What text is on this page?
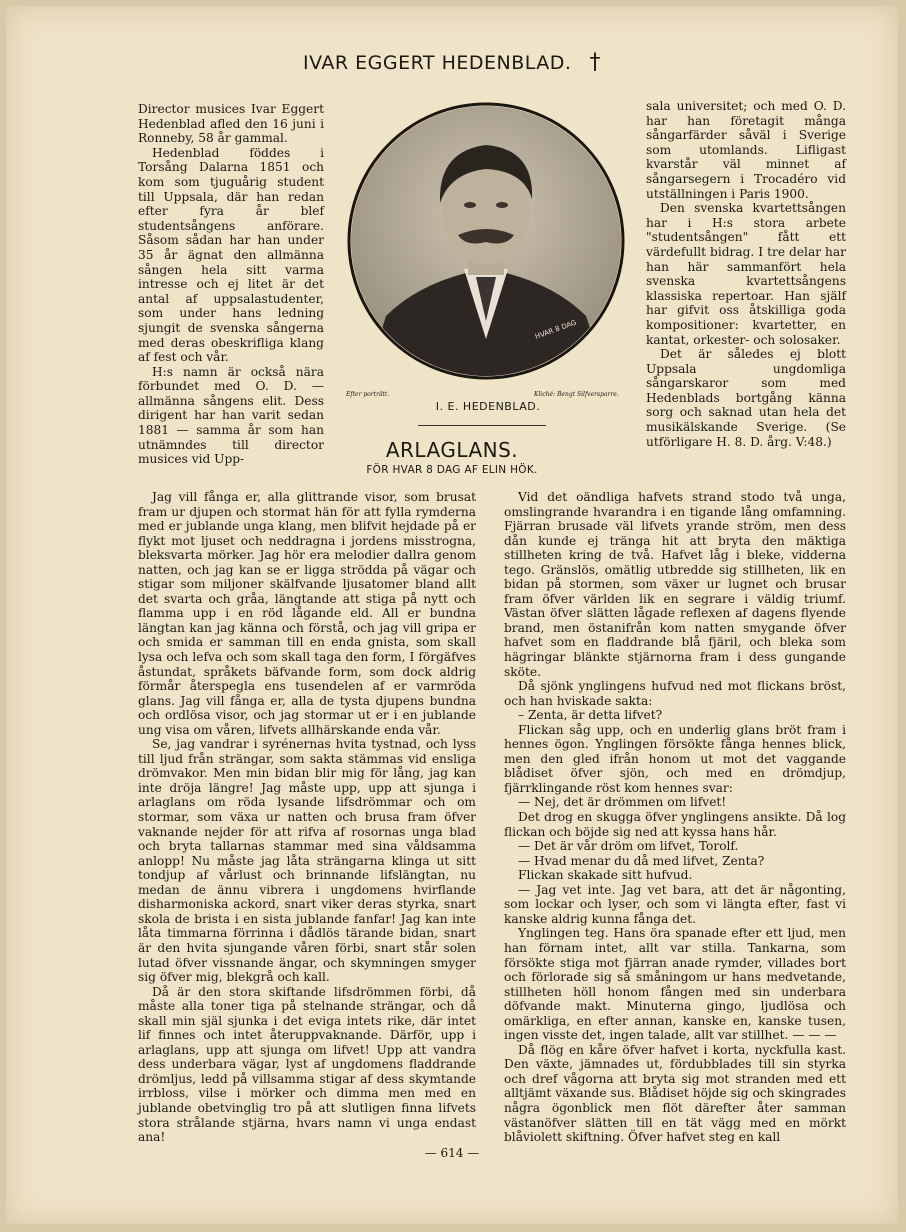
IVAR EGGERT HEDENBLAD. †

Director musices Ivar Eggert Hedenblad afled den 16 juni i Ronneby, 58 år gammal.

Hedenblad föddes i Torsång Dalarna 1851 och kom som tjuguårig student till Uppsala, där han redan efter fyra år blef studentsångens anförare. Såsom sådan har han under 35 år ägnat den allmänna sången hela sitt varma intresse och ej litet är det antal af uppsalastudenter, som under hans ledning sjungit de svenska sångerna med deras obeskrifliga klang af fest och vår.

H:s namn är också nära förbundet med O. D. — allmänna sångens elit. Dess dirigent har han varit sedan 1881 — samma år som han utnämndes till director musices vid Upp-

HVAR 8 DAG
Efter porträtt.	Kliché: Bengt Silfversparre.
I. E. HEDENBLAD.

sala universitet; och med O. D. har han företagit många sångarfärder såväl i Sverige som utomlands. Lifligast kvarstår väl minnet af sångarsegern i Trocadéro vid utställningen i Paris 1900.

Den svenska kvartettsången har i H:s stora arbete "studentsången" fått ett värdefullt bidrag. I tre delar har han här sammanfört hela svenska kvartettsångens klassiska repertoar. Han själf har gifvit oss åtskilliga goda kompositioner: kvartetter, en kantat, orkester- och solosaker.

Det är således ej blott Uppsala ungdomliga sångarskaror som med Hedenblads bortgång känna sorg och saknad utan hela det musikälskande Sverige. (Se utförligare H. 8. D. årg. V:48.)

ARLAGLANS.
FÖR HVAR 8 DAG AF ELIN HÖK.

Jag vill fånga er, alla glittrande visor, som brusat fram ur djupen och stormat hän för att fylla rymderna med er jublande unga klang, men blifvit hejdade på er flykt mot ljuset och neddragna i jordens misstrogna, bleksvarta mörker. Jag hör era melodier dallra genom natten, och jag kan se er ligga strödda på vägar och stigar som miljoner skälfvande ljusatomer bland allt det svarta och gråa, längtande att stiga på nytt och flamma upp i en röd lågande eld. All er bundna längtan kan jag känna och förstå, och jag vill gripa er och smida er samman till en enda gnista, som skall lysa och lefva och som skall taga den form, I förgäfves åstundat, språkets bäfvande form, som dock aldrig förmår återspegla ens tusendelen af er varmröda glans. Jag vill fånga er, alla de tysta djupens bundna och ordlösa visor, och jag stormar ut er i en jublande ung visa om våren, lifvets allhärskande enda vår.

Se, jag vandrar i syrénernas hvita tystnad, och lyss till ljud från strängar, som sakta stämmas vid ensliga drömvakor. Men min bidan blir mig för lång, jag kan inte dröja längre! Jag måste upp, upp att sjunga i arlaglans om röda lysande lifsdrömmar och om stormar, som växa ur natten och brusa fram öfver vaknande nejder för att rifva af rosornas unga blad och bryta tallarnas stammar med sina våldsamma anlopp! Nu måste jag låta strängarna klinga ut sitt tondjup af vårlust och brinnande lifslängtan, nu medan de ännu vibrera i ungdomens hvirflande disharmoniska ackord, snart viker deras styrka, snart skola de brista i en sista jublande fanfar! Jag kan inte låta timmarna förrinna i dådlös tärande bidan, snart är den hvita sjungande våren förbi, snart står solen lutad öfver vissnande ängar, och skymningen smyger sig öfver mig, blekgrå och kall.

Då är den stora skiftande lifsdrömmen förbi, då måste alla toner tiga på stelnande strängar, och då skall min själ sjunka i det eviga intets rike, där intet lif finnes och intet återuppvaknande. Därför, upp i arlaglans, upp att sjunga om lifvet! Upp att vandra dess underbara vägar, lyst af ungdomens fladdrande drömljus, ledd på villsamma stigar af dess skymtande irrbloss, vilse i mörker och dimma men med en jublande obetvinglig tro på att slutligen finna lifvets stora strålande stjärna, hvars namn vi unga endast ana!

Vid det oändliga hafvets strand stodo två unga, omslingrande hvarandra i en tigande lång omfamning. Fjärran brusade väl lifvets yrande ström, men dess dån kunde ej tränga hit att bryta den mäktiga stillheten kring de två. Hafvet låg i bleke, vidderna tego. Gränslös, omätlig utbredde sig stillheten, lik en bidan på stormen, som växer ur lugnet och brusar fram öfver världen lik en segrare i väldig triumf. Västan öfver slätten lågade reflexen af dagens flyende brand, men östanifrån kom natten smygande öfver hafvet som en fladdrande blå fjäril, och bleka som hägringar blänkte stjärnorna fram i dess gungande sköte.

Då sjönk ynglingens hufvud ned mot flickans bröst, och han hviskade sakta:

– Zenta, är detta lifvet?

Flickan såg upp, och en underlig glans bröt fram i hennes ögon. Ynglingen försökte fånga hennes blick, men den gled ifrån honom ut mot det vaggande blådiset öfver sjön, och med en drömdjup, fjärrklingande röst kom hennes svar:

— Nej, det är drömmen om lifvet!

Det drog en skugga öfver ynglingens ansikte. Då log flickan och böjde sig ned att kyssa hans hår.

— Det är vår dröm om lifvet, Torolf.

— Hvad menar du då med lifvet, Zenta?

Flickan skakade sitt hufvud.

— Jag vet inte. Jag vet bara, att det är någonting, som lockar och lyser, och som vi längta efter, fast vi kanske aldrig kunna fånga det.

Ynglingen teg. Hans öra spanade efter ett ljud, men han förnam intet, allt var stilla. Tankarna, som försökte stiga mot fjärran anade rymder, villades bort och förlorade sig så småningom ur hans medvetande, stillheten höll honom fången med sin underbara döfvande makt. Minuterna gingo, ljudlösa och omärkliga, en efter annan, kanske en, kanske tusen, ingen visste det, ingen talade, allt var stillhet. — — —

Då flög en kåre öfver hafvet i korta, nyckfulla kast. Den växte, jämnades ut, fördubblades till sin styrka och dref vågorna att bryta sig mot stranden med ett alltjämt växande sus. Blådiset höjde sig och skingrades några ögonblick men flöt därefter åter samman västanöfver slätten till en tät vägg med en mörkt blåviolett skiftning. Öfver hafvet steg en kall

— 614 —
